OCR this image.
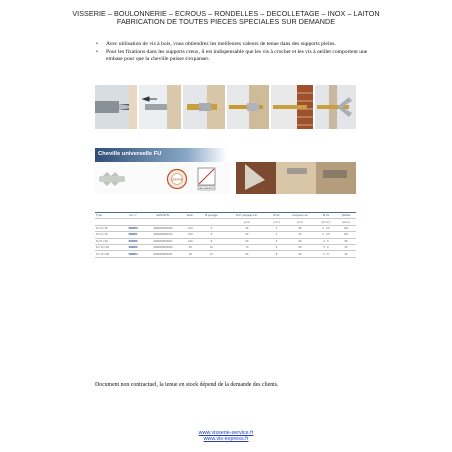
VISSERIE – BOULONNERIE – ECROUS – RONDELLES – DECOLLETAGE – INOX – LAITON
FABRICATION DE TOUTES PIECES SPECIALES SUR DEMANDE
• Avec utilisation de vis à bois, vous obtiendrez les meilleures valeurs de tenue dans des supports pleins.
• Pour les fixations dans les supports creux, il est indispensable que les vis à crochet et les vis à oeillet comportent une embase pour que la cheville puisse s'expanser.
Cheville universelle FU
CERTIFIE
SANS AMIANTE
Type	Art. n°	EAN/GTIN	Emb.	Ø perçage	Prof. perçage min.	Ø vis	Longueur vis	Ø vis	Qté/bte
					[mm]	[mm]	[mm]	[Ø mm]	pièces
FU 6 x 35	532200	4006209532003	100	6	45	4	35	3 - 3,5	100
FU 6 x 40	532201	4006209532010	100	6	50	4	40	3 - 3,5	100
FU 8 x 50	532202	4006209532027	100	8	60	5	50	4 - 5	50
FU 10 x 60	532203	4006209532034	50	10	70	6	60	5 - 6	25
FU 12 x 80	532204	4006209532041	25	12	90	8	80	6 - 8	25
Document non contractuel, la tenue en stock dépend de la demande des clients.
www.visserie-service.fr
www.vis-express.fr
